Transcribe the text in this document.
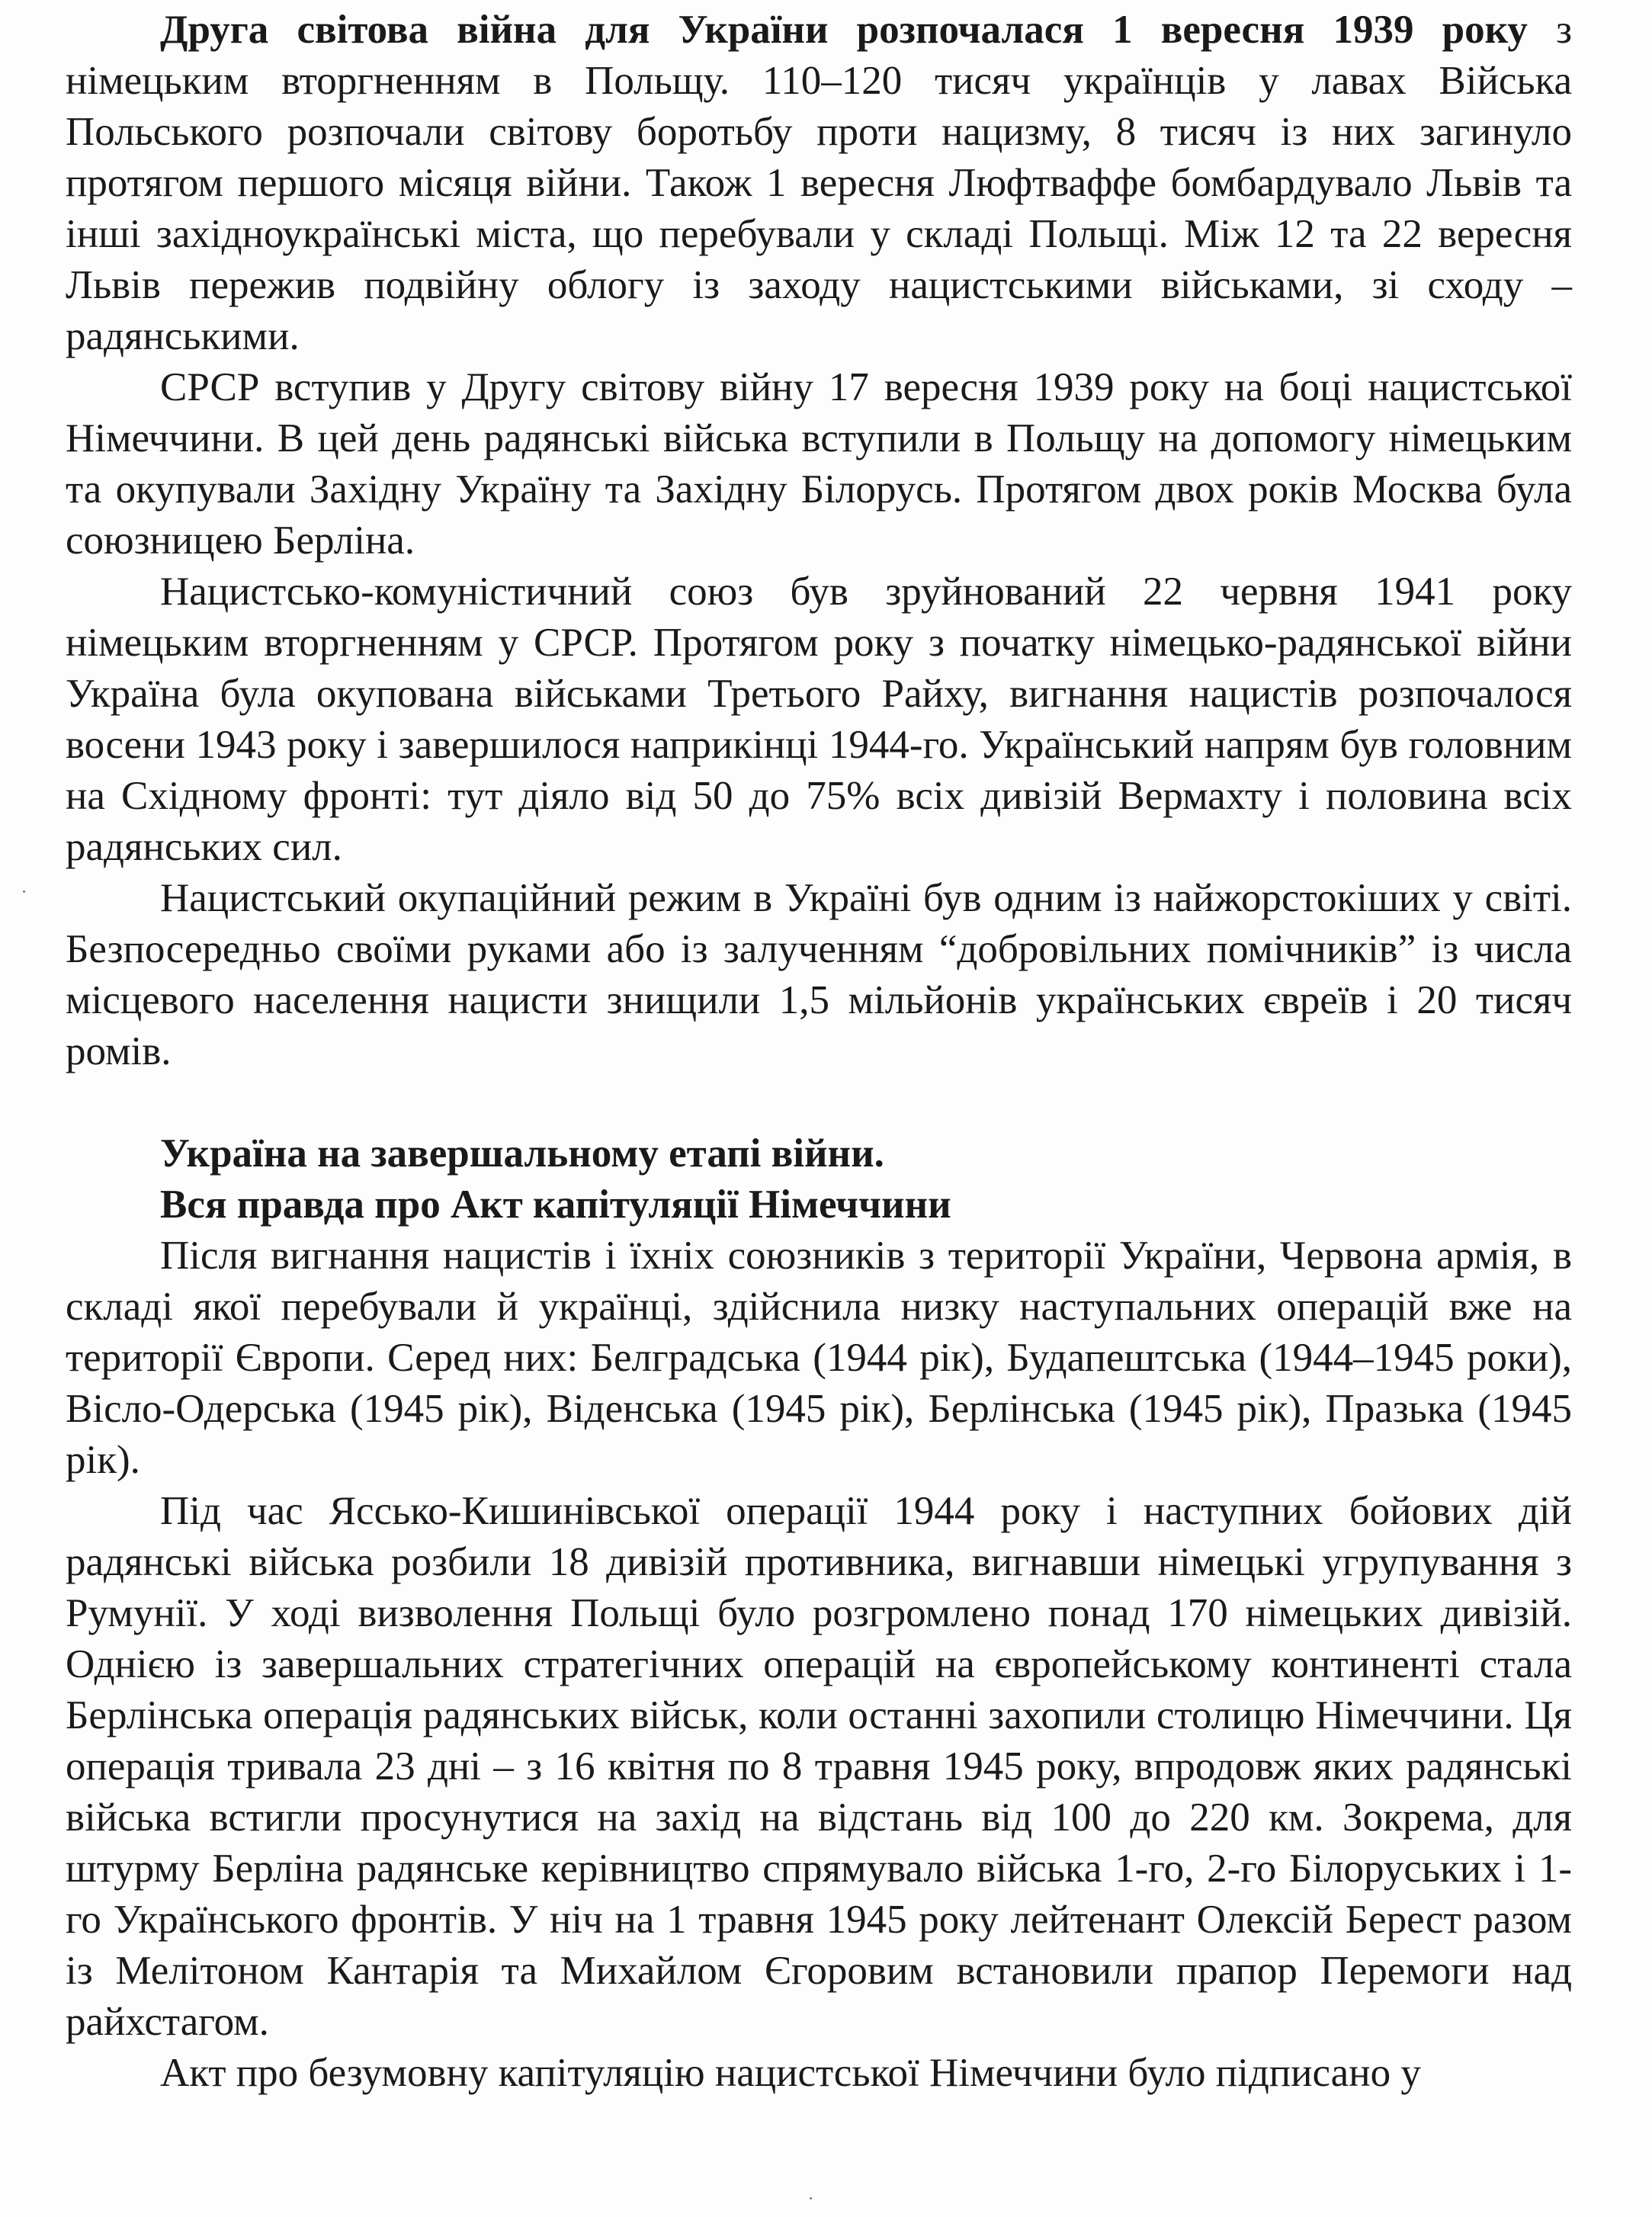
Друга світова війна для України розпочалася 1 вересня 1939 року з німецьким вторгненням в Польщу. 110–120 тисяч українців у лавах Війська Польського розпочали світову боротьбу проти нацизму, 8 тисяч із них загинуло протягом першого місяця війни. Також 1 вересня Люфтваффе бомбардувало Львів та інші західноукраїнські міста, що перебували у складі Польщі. Між 12 та 22 вересня Львів пережив подвійну облогу із заходу нацистськими військами, зі сходу – радянськими.

СРСР вступив у Другу світову війну 17 вересня 1939 року на боці нацистської Німеччини. В цей день радянські війська вступили в Польщу на допомогу німецьким та окупували Західну Україну та Західну Білорусь. Протягом двох років Москва була союзницею Берліна.

Нацистсько-комуністичний союз був зруйнований 22 червня 1941 року німецьким вторгненням у СРСР. Протягом року з початку німецько-радянської війни Україна була окупована військами Третього Райху, вигнання нацистів розпочалося восени 1943 року і завершилося наприкінці 1944-го. Український напрям був головним на Східному фронті: тут діяло від 50 до 75% всіх дивізій Вермахту і половина всіх радянських сил.

Нацистський окупаційний режим в Україні був одним із найжорстокіших у світі. Безпосередньо своїми руками або із залученням “добровільних помічників” із числа місцевого населення нацисти знищили 1,5 мільйонів українських євреїв і 20 тисяч ромів.

Україна на завершальному етапі війни.

Вся правда про Акт капітуляції Німеччини

Після вигнання нацистів і їхніх союзників з території України, Червона армія, в складі якої перебували й українці, здійснила низку наступальних операцій вже на території Європи. Серед них: Белградська (1944 рік), Будапештська (1944–1945 роки), Вісло-Одерська (1945 рік), Віденська (1945 рік), Берлінська (1945 рік), Празька (1945 рік).

Під час Яссько-Кишинівської операції 1944 року і наступних бойових дій радянські війська розбили 18 дивізій противника, вигнавши німецькі угрупування з Румунії. У ході визволення Польщі було розгромлено понад 170 німецьких дивізій. Однією із завершальних стратегічних операцій на європейському континенті стала Берлінська операція радянських військ, коли останні захопили столицю Німеччини. Ця операція тривала 23 дні – з 16 квітня по 8 травня 1945 року, впродовж яких радянські війська встигли просунутися на захід на відстань від 100 до 220 км. Зокрема, для штурму Берліна радянське керівництво спрямувало війська 1-го, 2-го Білоруських і 1-го Українського фронтів. У ніч на 1 травня 1945 року лейтенант Олексій Берест разом із Мелітоном Кантарія та Михайлом Єгоровим встановили прапор Перемоги над райхстагом.

Акт про безумовну капітуляцію нацистської Німеччини було підписано у
